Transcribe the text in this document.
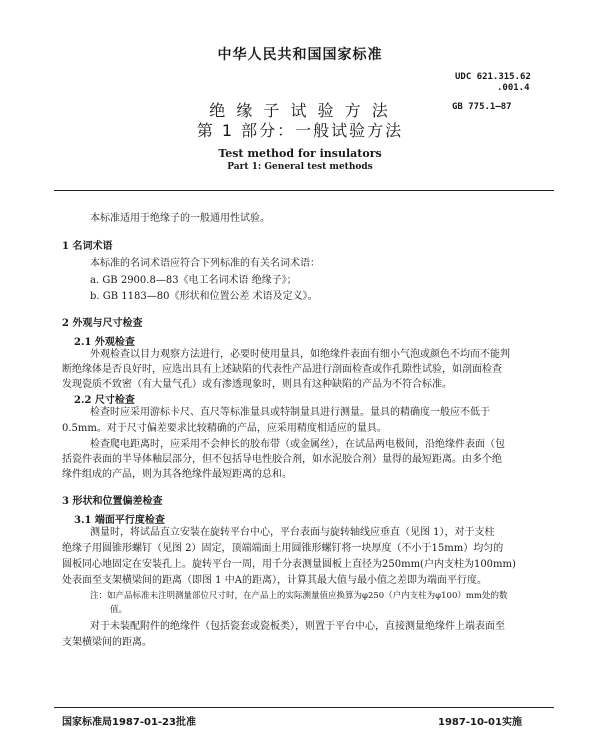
中华人民共和国国家标准
UDC 621.315.62
.001.4
GB 775.1—87
绝 缘 子 试 验 方 法
第 1 部分：一般试验方法
Test method for insulators
Part 1: General test methods
本标准适用于绝缘子的一般通用性试验。
1 名词术语
本标准的名词术语应符合下列标准的有关名词术语：
a. GB 2900.8—83《电工名词术语 绝缘子》；
b. GB 1183—80《形状和位置公差 术语及定义》。
2 外观与尺寸检查
2.1 外观检查
外观检查以目力观察方法进行，必要时使用量具，如绝缘件表面有细小气泡或颜色不均而不能判
断绝缘体是否良好时，应选出具有上述缺陷的代表性产品进行剖面检查或作孔隙性试验，如剖面检查
发现瓷质不致密（有大量气孔）或有渗透现象时，则具有这种缺陷的产品为不符合标准。
2.2 尺寸检查
检查时应采用游标卡尺、直尺等标准量具或特制量具进行测量。量具的精确度一般应不低于
0.5mm。对于尺寸偏差要求比较精确的产品，应采用精度相适应的量具。
检查爬电距离时，应采用不会伸长的胶布带（或金属丝），在试品两电极间，沿绝缘件表面（包
括瓷件表面的半导体釉层部分，但不包括导电性胶合剂，如水泥胶合剂）量得的最短距离。由多个绝
缘件组成的产品，则为其各绝缘件最短距离的总和。
3 形状和位置偏差检查
3.1 端面平行度检查
测量时，将试品直立安装在旋转平台中心，平台表面与旋转轴线应垂直（见图 1），对于支柱
绝缘子用圆锥形螺钉（见图 2）固定，顶端端面上用圆锥形螺钉将一块厚度（不小于15mm）均匀的
圆板同心地固定在安装孔上。旋转平台一周，用千分表测量圆板上直径为250mm(户内支柱为100mm)
处表面至支架横梁间的距离（即图 1 中A的距离），计算其最大值与最小值之差即为端面平行度。
注：如产品标准未注明测量部位尺寸时，在产品上的实际测量值应换算为φ250（户内支柱为φ100）mm处的数
值。
对于未装配附件的绝缘件（包括瓷套或瓷板类），则置于平台中心，直接测量绝缘件上端表面至
支架横梁间的距离。
国家标准局1987-01-23批准	1987-10-01实施
